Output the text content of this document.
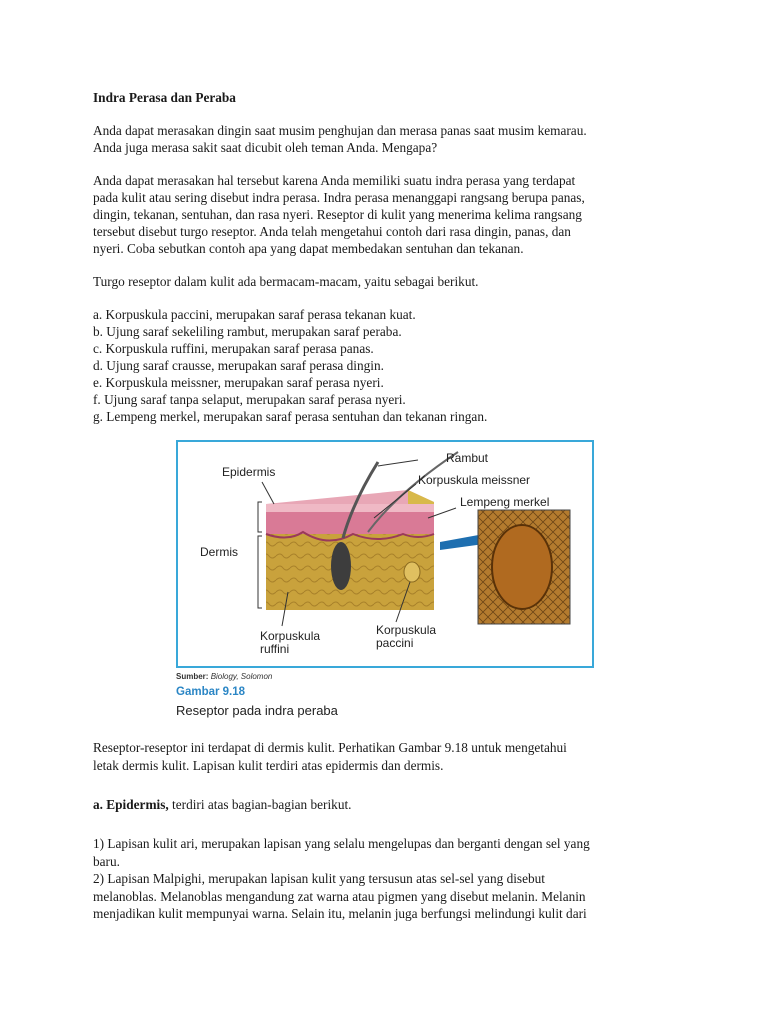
Indra Perasa dan Peraba
Anda dapat merasakan dingin saat musim penghujan dan merasa panas saat musim kemarau.
Anda juga merasa sakit saat dicubit oleh teman Anda. Mengapa?
Anda dapat merasakan hal tersebut karena Anda memiliki suatu indra perasa yang terdapat
pada kulit atau sering disebut indra perasa. Indra perasa menanggapi rangsang berupa panas,
dingin, tekanan, sentuhan, dan rasa nyeri. Reseptor di kulit yang menerima kelima rangsang
tersebut disebut turgo reseptor. Anda telah mengetahui contoh dari rasa dingin, panas, dan
nyeri. Coba sebutkan contoh apa yang dapat membedakan sentuhan dan tekanan.
Turgo reseptor dalam kulit ada bermacam-macam, yaitu sebagai berikut.
a. Korpuskula paccini, merupakan saraf perasa tekanan kuat.
b. Ujung saraf sekeliling rambut, merupakan saraf peraba.
c. Korpuskula ruffini, merupakan saraf perasa panas.
d. Ujung saraf crausse, merupakan saraf perasa dingin.
e. Korpuskula meissner, merupakan saraf perasa nyeri.
f. Ujung saraf tanpa selaput, merupakan saraf perasa nyeri.
g. Lempeng merkel, merupakan saraf perasa sentuhan dan tekanan ringan.
Reseptor-reseptor ini terdapat di dermis kulit. Perhatikan Gambar 9.18 untuk mengetahui
letak dermis kulit. Lapisan kulit terdiri atas epidermis dan dermis.
a. Epidermis, terdiri atas bagian-bagian berikut.
1) Lapisan kulit ari, merupakan lapisan yang selalu mengelupas dan berganti dengan sel yang
baru.
2) Lapisan Malpighi, merupakan lapisan kulit yang tersusun atas sel-sel yang disebut
melanoblas. Melanoblas mengandung zat warna atau pigmen yang disebut melanin. Melanin
menjadikan kulit mempunyai warna. Selain itu, melanin juga berfungsi melindungi kulit dari
Epidermis
Dermis
Rambut
Korpuskula meissner
Lempeng merkel
Korpuskula
ruffini
Korpuskula
paccini
Sumber: Biology, Solomon
Gambar 9.18
Reseptor pada indra peraba
